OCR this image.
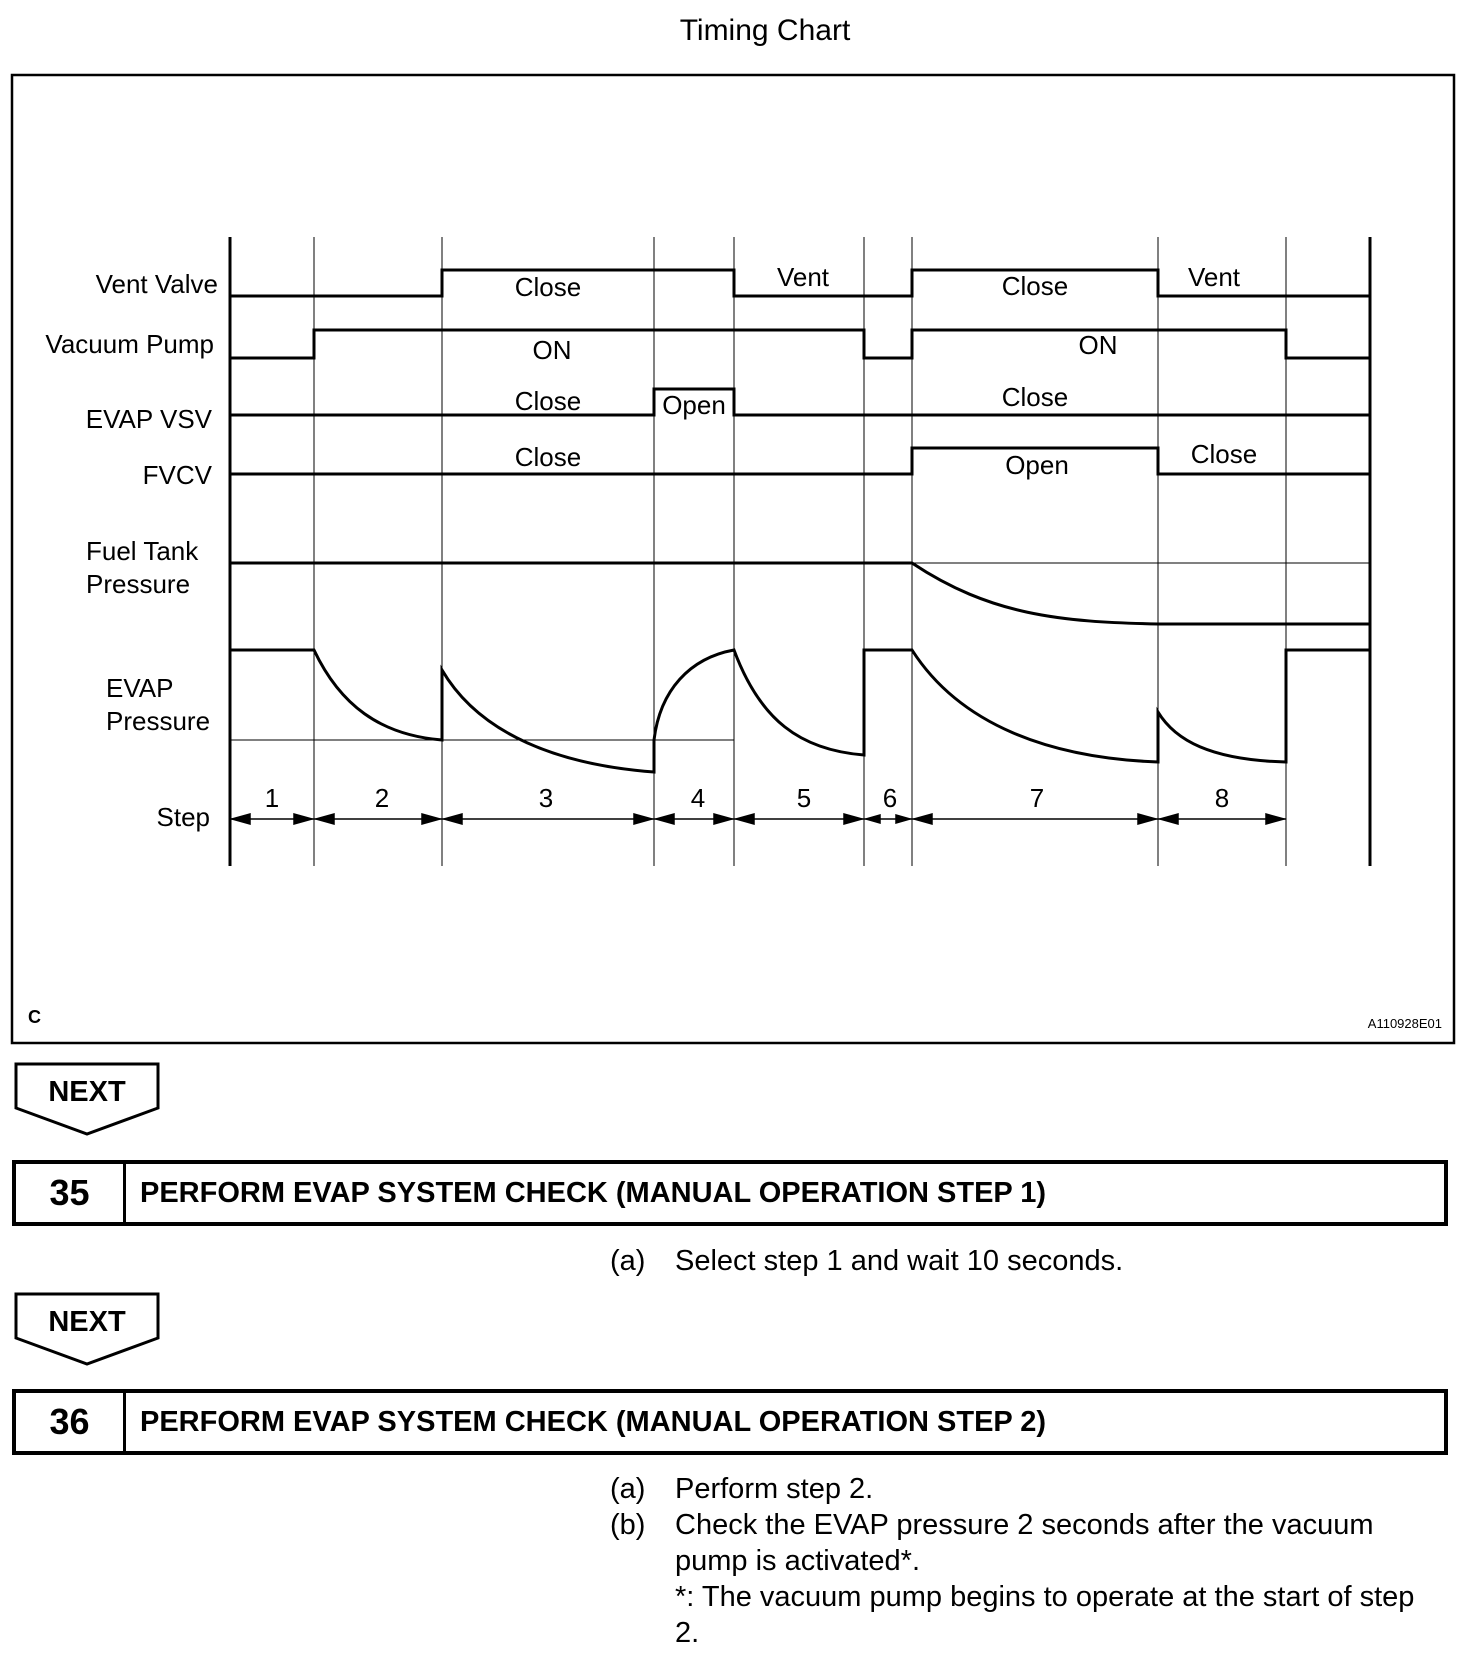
Timing Chart
Vent Valve
Vacuum Pump
EVAP VSV
FVCV
Fuel Tank
Pressure
EVAP
Pressure
Step
Close	Vent	Close	Vent
ON	ON
Close	Open	Close
Close	Open	Close
1	2	3	4	5	6	7	8
C	A110928E01
NEXT
35	PERFORM EVAP SYSTEM CHECK (MANUAL OPERATION STEP 1)
(a) Select step 1 and wait 10 seconds.
NEXT
36	PERFORM EVAP SYSTEM CHECK (MANUAL OPERATION STEP 2)
(a) Perform step 2.
(b) Check the EVAP pressure 2 seconds after the vacuum pump is activated*.
*: The vacuum pump begins to operate at the start of step 2.
